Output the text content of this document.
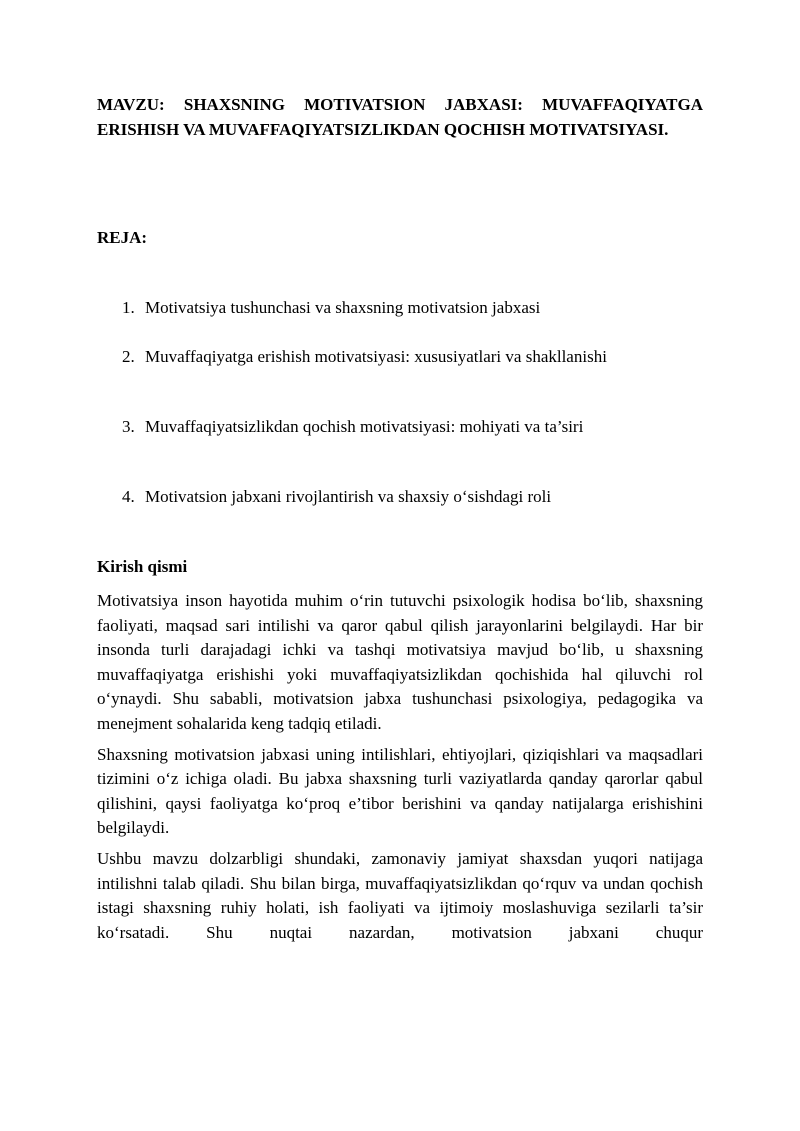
MAVZU: SHAXSNING MOTIVATSION JABXASI: MUVAFFAQIYATGA ERISHISH VA MUVAFFAQIYATSIZLIKDAN QOCHISH MOTIVATSIYASI.

REJA:

1. Motivatsiya tushunchasi va shaxsning motivatsion jabxasi
2. Muvaffaqiyatga erishish motivatsiyasi: xususiyatlari va shakllanishi
3. Muvaffaqiyatsizlikdan qochish motivatsiyasi: mohiyati va ta’siri
4. Motivatsion jabxani rivojlantirish va shaxsiy o‘sishdagi roli

Kirish qismi

Motivatsiya inson hayotida muhim o‘rin tutuvchi psixologik hodisa bo‘lib, shaxsning faoliyati, maqsad sari intilishi va qaror qabul qilish jarayonlarini belgilaydi. Har bir insonda turli darajadagi ichki va tashqi motivatsiya mavjud bo‘lib, u shaxsning muvaffaqiyatga erishishi yoki muvaffaqiyatsizlikdan qochishida hal qiluvchi rol o‘ynaydi. Shu sababli, motivatsion jabxa tushunchasi psixologiya, pedagogika va menejment sohalarida keng tadqiq etiladi.

Shaxsning motivatsion jabxasi uning intilishlari, ehtiyojlari, qiziqishlari va maqsadlari tizimini o‘z ichiga oladi. Bu jabxa shaxsning turli vaziyatlarda qanday qarorlar qabul qilishini, qaysi faoliyatga ko‘proq e’tibor berishini va qanday natijalarga erishishini belgilaydi.

Ushbu mavzu dolzarbligi shundaki, zamonaviy jamiyat shaxsdan yuqori natijaga intilishni talab qiladi. Shu bilan birga, muvaffaqiyatsizlikdan qo‘rquv va undan qochish istagi shaxsning ruhiy holati, ish faoliyati va ijtimoiy moslashuviga sezilarli ta’sir ko‘rsatadi. Shu nuqtai nazardan, motivatsion jabxani chuqur
